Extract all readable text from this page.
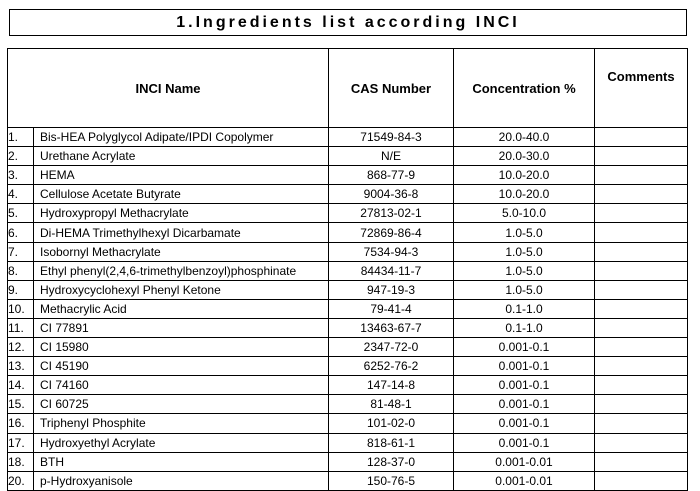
1.Ingredients list according INCI
INCI Name		CAS Number	Concentration %	Comments
1.	Bis-HEA Polyglycol Adipate/IPDI Copolymer	71549-84-3	20.0-40.0	
2.	Urethane Acrylate	N/E	20.0-30.0	
3.	HEMA	868-77-9	10.0-20.0	
4.	Cellulose Acetate Butyrate	9004-36-8	10.0-20.0	
5.	Hydroxypropyl Methacrylate	27813-02-1	5.0-10.0	
6.	Di-HEMA Trimethylhexyl Dicarbamate	72869-86-4	1.0-5.0	
7.	Isobornyl Methacrylate	7534-94-3	1.0-5.0	
8.	Ethyl phenyl(2,4,6-trimethylbenzoyl)phosphinate	84434-11-7	1.0-5.0	
9.	Hydroxycyclohexyl Phenyl Ketone	947-19-3	1.0-5.0	
10.	Methacrylic Acid	79-41-4	0.1-1.0	
11.	CI 77891	13463-67-7	0.1-1.0	
12.	CI 15980	2347-72-0	0.001-0.1	
13.	CI 45190	6252-76-2	0.001-0.1	
14.	CI 74160	147-14-8	0.001-0.1	
15.	CI 60725	81-48-1	0.001-0.1	
16.	Triphenyl Phosphite	101-02-0	0.001-0.1	
17.	Hydroxyethyl Acrylate	818-61-1	0.001-0.1	
18.	BTH	128-37-0	0.001-0.01	
20.	p-Hydroxyanisole	150-76-5	0.001-0.01	
